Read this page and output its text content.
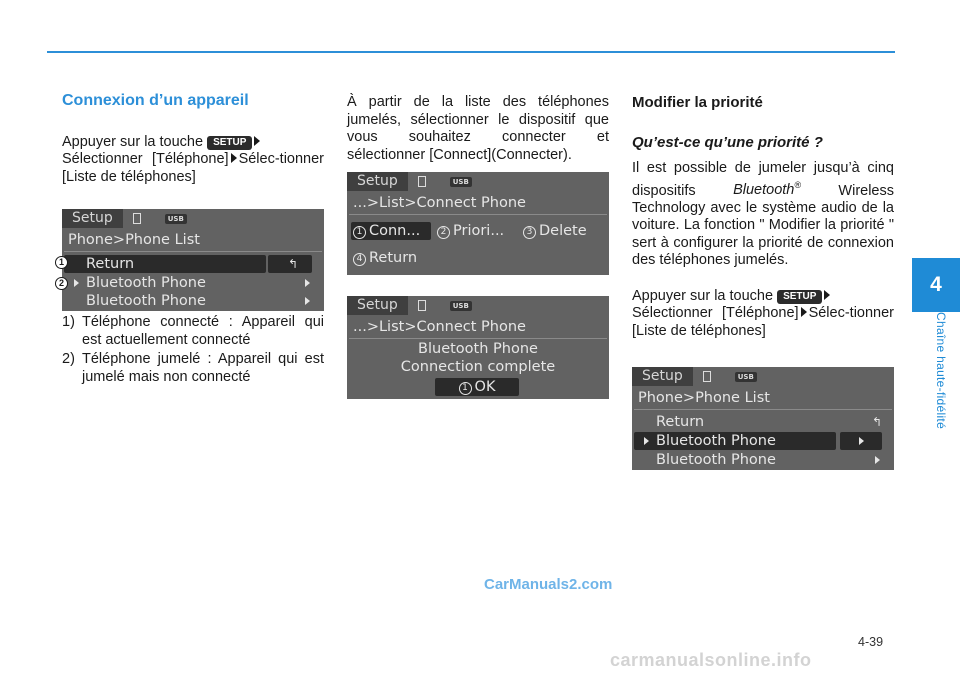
4
Chaîne haute-fidélité
Connexion d’un appareil
Appuyer sur la touche SETUP
Sélectionner [Téléphone] Sélec-tionner [Liste de téléphones]
1) Téléphone connecté : Appareil qui est actuellement connecté
2) Téléphone jumelé : Appareil qui est jumelé mais non connecté
Setup	USB
Phone>Phone List
Return	↰
Bluetooth Phone
Bluetooth Phone
1
2
À partir de la liste des téléphones jumelés, sélectionner le dispositif que vous souhaitez connecter et sélectionner [Connect](Connecter).
Setup	USB
...>List>Connect Phone
1 Conn...	2 Priori...	3 Delete
4 Return
Setup	USB
...>List>Connect Phone
Bluetooth Phone
Connection complete
1 OK
Modifier la priorité
Qu’est-ce qu’une priorité ?
Il est possible de jumeler jusqu’à cinq dispositifs	Bluetooth®	Wireless Technology avec le système audio de la voiture. La fonction " Modifier la priorité " sert à configurer la priorité de connexion des téléphones jumelés.
Appuyer sur la touche SETUP
Sélectionner [Téléphone] Sélec-tionner [Liste de téléphones]
Setup	USB
Phone>Phone List
Return	↰
Bluetooth Phone
Bluetooth Phone
CarManuals2.com
4-39
carmanualsonline.info
